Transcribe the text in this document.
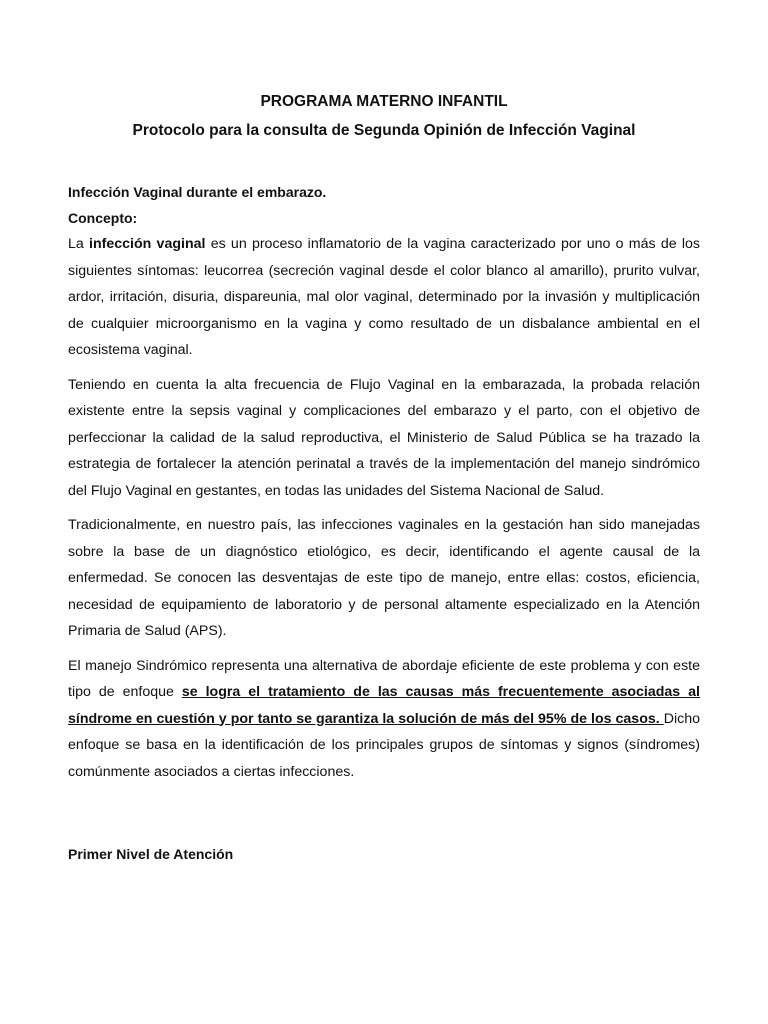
PROGRAMA MATERNO INFANTIL

Protocolo para la consulta de Segunda Opinión de Infección Vaginal

Infección Vaginal durante el embarazo.

Concepto:

La infección vaginal es un proceso inflamatorio de la vagina caracterizado por uno o más de los siguientes síntomas: leucorrea (secreción vaginal desde el color blanco al amarillo), prurito vulvar, ardor, irritación, disuria, dispareunia, mal olor vaginal, determinado por la invasión y multiplicación de cualquier microorganismo en la vagina y como resultado de un disbalance ambiental en el ecosistema vaginal.

Teniendo en cuenta la alta frecuencia de Flujo Vaginal en la embarazada, la probada relación existente entre la sepsis vaginal y complicaciones del embarazo y el parto, con el objetivo de perfeccionar la calidad de la salud reproductiva, el Ministerio de Salud Pública se ha trazado la estrategia de fortalecer la atención perinatal a través de la implementación del manejo sindrómico del Flujo Vaginal en gestantes, en todas las unidades del Sistema Nacional de Salud.

Tradicionalmente, en nuestro país, las infecciones vaginales en la gestación han sido manejadas sobre la base de un diagnóstico etiológico, es decir, identificando el agente causal de la enfermedad. Se conocen las desventajas de este tipo de manejo, entre ellas: costos, eficiencia, necesidad de equipamiento de laboratorio y de personal altamente especializado en la Atención Primaria de Salud (APS).

El manejo Sindrómico representa una alternativa de abordaje eficiente de este problema y con este tipo de enfoque se logra el tratamiento de las causas más frecuentemente asociadas al síndrome en cuestión y por tanto se garantiza la solución de más del 95% de los casos. Dicho enfoque se basa en la identificación de los principales grupos de síntomas y signos (síndromes) comúnmente asociados a ciertas infecciones.

Primer Nivel de Atención
